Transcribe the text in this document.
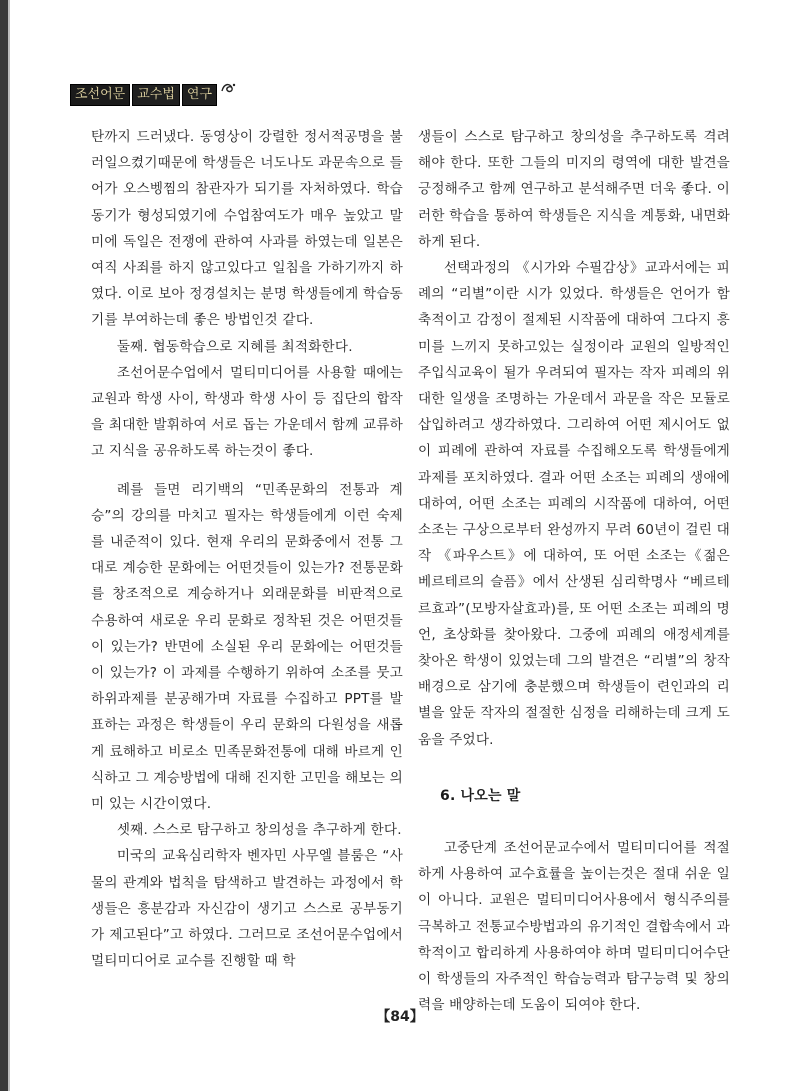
조선어문 교수법 연구

탄까지 드러냈다. 동영상이 강렬한 정서적공명을 불러일으켰기때문에 학생들은 너도나도 과문속으로 들어가 오스벵찜의 참관자가 되기를 자처하였다. 학습동기가 형성되였기에 수업참여도가 매우 높았고 말미에 독일은 전쟁에 관하여 사과를 하였는데 일본은 여직 사죄를 하지 않고있다고 일침을 가하기까지 하였다. 이로 보아 정경설치는 분명 학생들에게 학습동기를 부여하는데 좋은 방법인것 같다.

둘째. 협동학습으로 지혜를 최적화한다.

조선어문수업에서 멀티미디어를 사용할 때에는 교원과 학생 사이, 학생과 학생 사이 등 집단의 합작을 최대한 발휘하여 서로 돕는 가운데서 함께 교류하고 지식을 공유하도록 하는것이 좋다.

례를 들면 리기백의 “민족문화의 전통과 계승”의 강의를 마치고 필자는 학생들에게 이런 숙제를 내준적이 있다. 현재 우리의 문화중에서 전통 그대로 계승한 문화에는 어떤것들이 있는가? 전통문화를 창조적으로 계승하거나 외래문화를 비판적으로 수용하여 새로운 우리 문화로 정착된 것은 어떤것들이 있는가? 반면에 소실된 우리 문화에는 어떤것들이 있는가? 이 과제를 수행하기 위하여 소조를 뭇고 하위과제를 분공해가며 자료를 수집하고 PPT를 발표하는 과정은 학생들이 우리 문화의 다원성을 새롭게 료해하고 비로소 민족문화전통에 대해 바르게 인식하고 그 계승방법에 대해 진지한 고민을 해보는 의미 있는 시간이였다.

셋째. 스스로 탐구하고 창의성을 추구하게 한다.

미국의 교육심리학자 벤자민 사무엘 블룸은 “사물의 관계와 법칙을 탐색하고 발견하는 과정에서 학생들은 흥분감과 자신감이 생기고 스스로 공부동기가 제고된다”고 하였다. 그러므로 조선어문수업에서 멀티미디어로 교수를 진행할 때 학

생들이 스스로 탐구하고 창의성을 추구하도록 격려해야 한다. 또한 그들의 미지의 령역에 대한 발견을 긍정해주고 함께 연구하고 분석해주면 더욱 좋다. 이러한 학습을 통하여 학생들은 지식을 계통화, 내면화하게 된다.

선택과정의 《시가와 수필감상》교과서에는 피례의 “리별”이란 시가 있었다. 학생들은 언어가 함축적이고 감정이 절제된 시작품에 대하여 그다지 흥미를 느끼지 못하고있는 실정이라 교원의 일방적인 주입식교육이 될가 우려되여 필자는 작자 피례의 위대한 일생을 조명하는 가운데서 과문을 작은 모듈로 삽입하려고 생각하였다. 그리하여 어떤 제시어도 없이 피례에 관하여 자료를 수집해오도록 학생들에게 과제를 포치하였다. 결과 어떤 소조는 피례의 생애에 대하여, 어떤 소조는 피례의 시작품에 대하여, 어떤 소조는 구상으로부터 완성까지 무려 60년이 걸린 대작 《파우스트》에 대하여, 또 어떤 소조는《젊은 베르테르의 슬픔》에서 산생된 심리학명사 “베르테르효과”(모방자살효과)를, 또 어떤 소조는 피례의 명언, 초상화를 찾아왔다. 그중에 피례의 애정세계를 찾아온 학생이 있었는데 그의 발견은 “리별”의 창작배경으로 삼기에 충분했으며 학생들이 련인과의 리별을 앞둔 작자의 절절한 심정을 리해하는데 크게 도움을 주었다.

6. 나오는 말

고중단계 조선어문교수에서 멀티미디어를 적절하게 사용하여 교수효률을 높이는것은 절대 쉬운 일이 아니다. 교원은 멀티미디어사용에서 형식주의를 극복하고 전통교수방법과의 유기적인 결합속에서 과학적이고 합리하게 사용하여야 하며 멀티미디어수단이 학생들의 자주적인 학습능력과 탐구능력 및 창의력을 배양하는데 도움이 되여야 한다.

【84】
